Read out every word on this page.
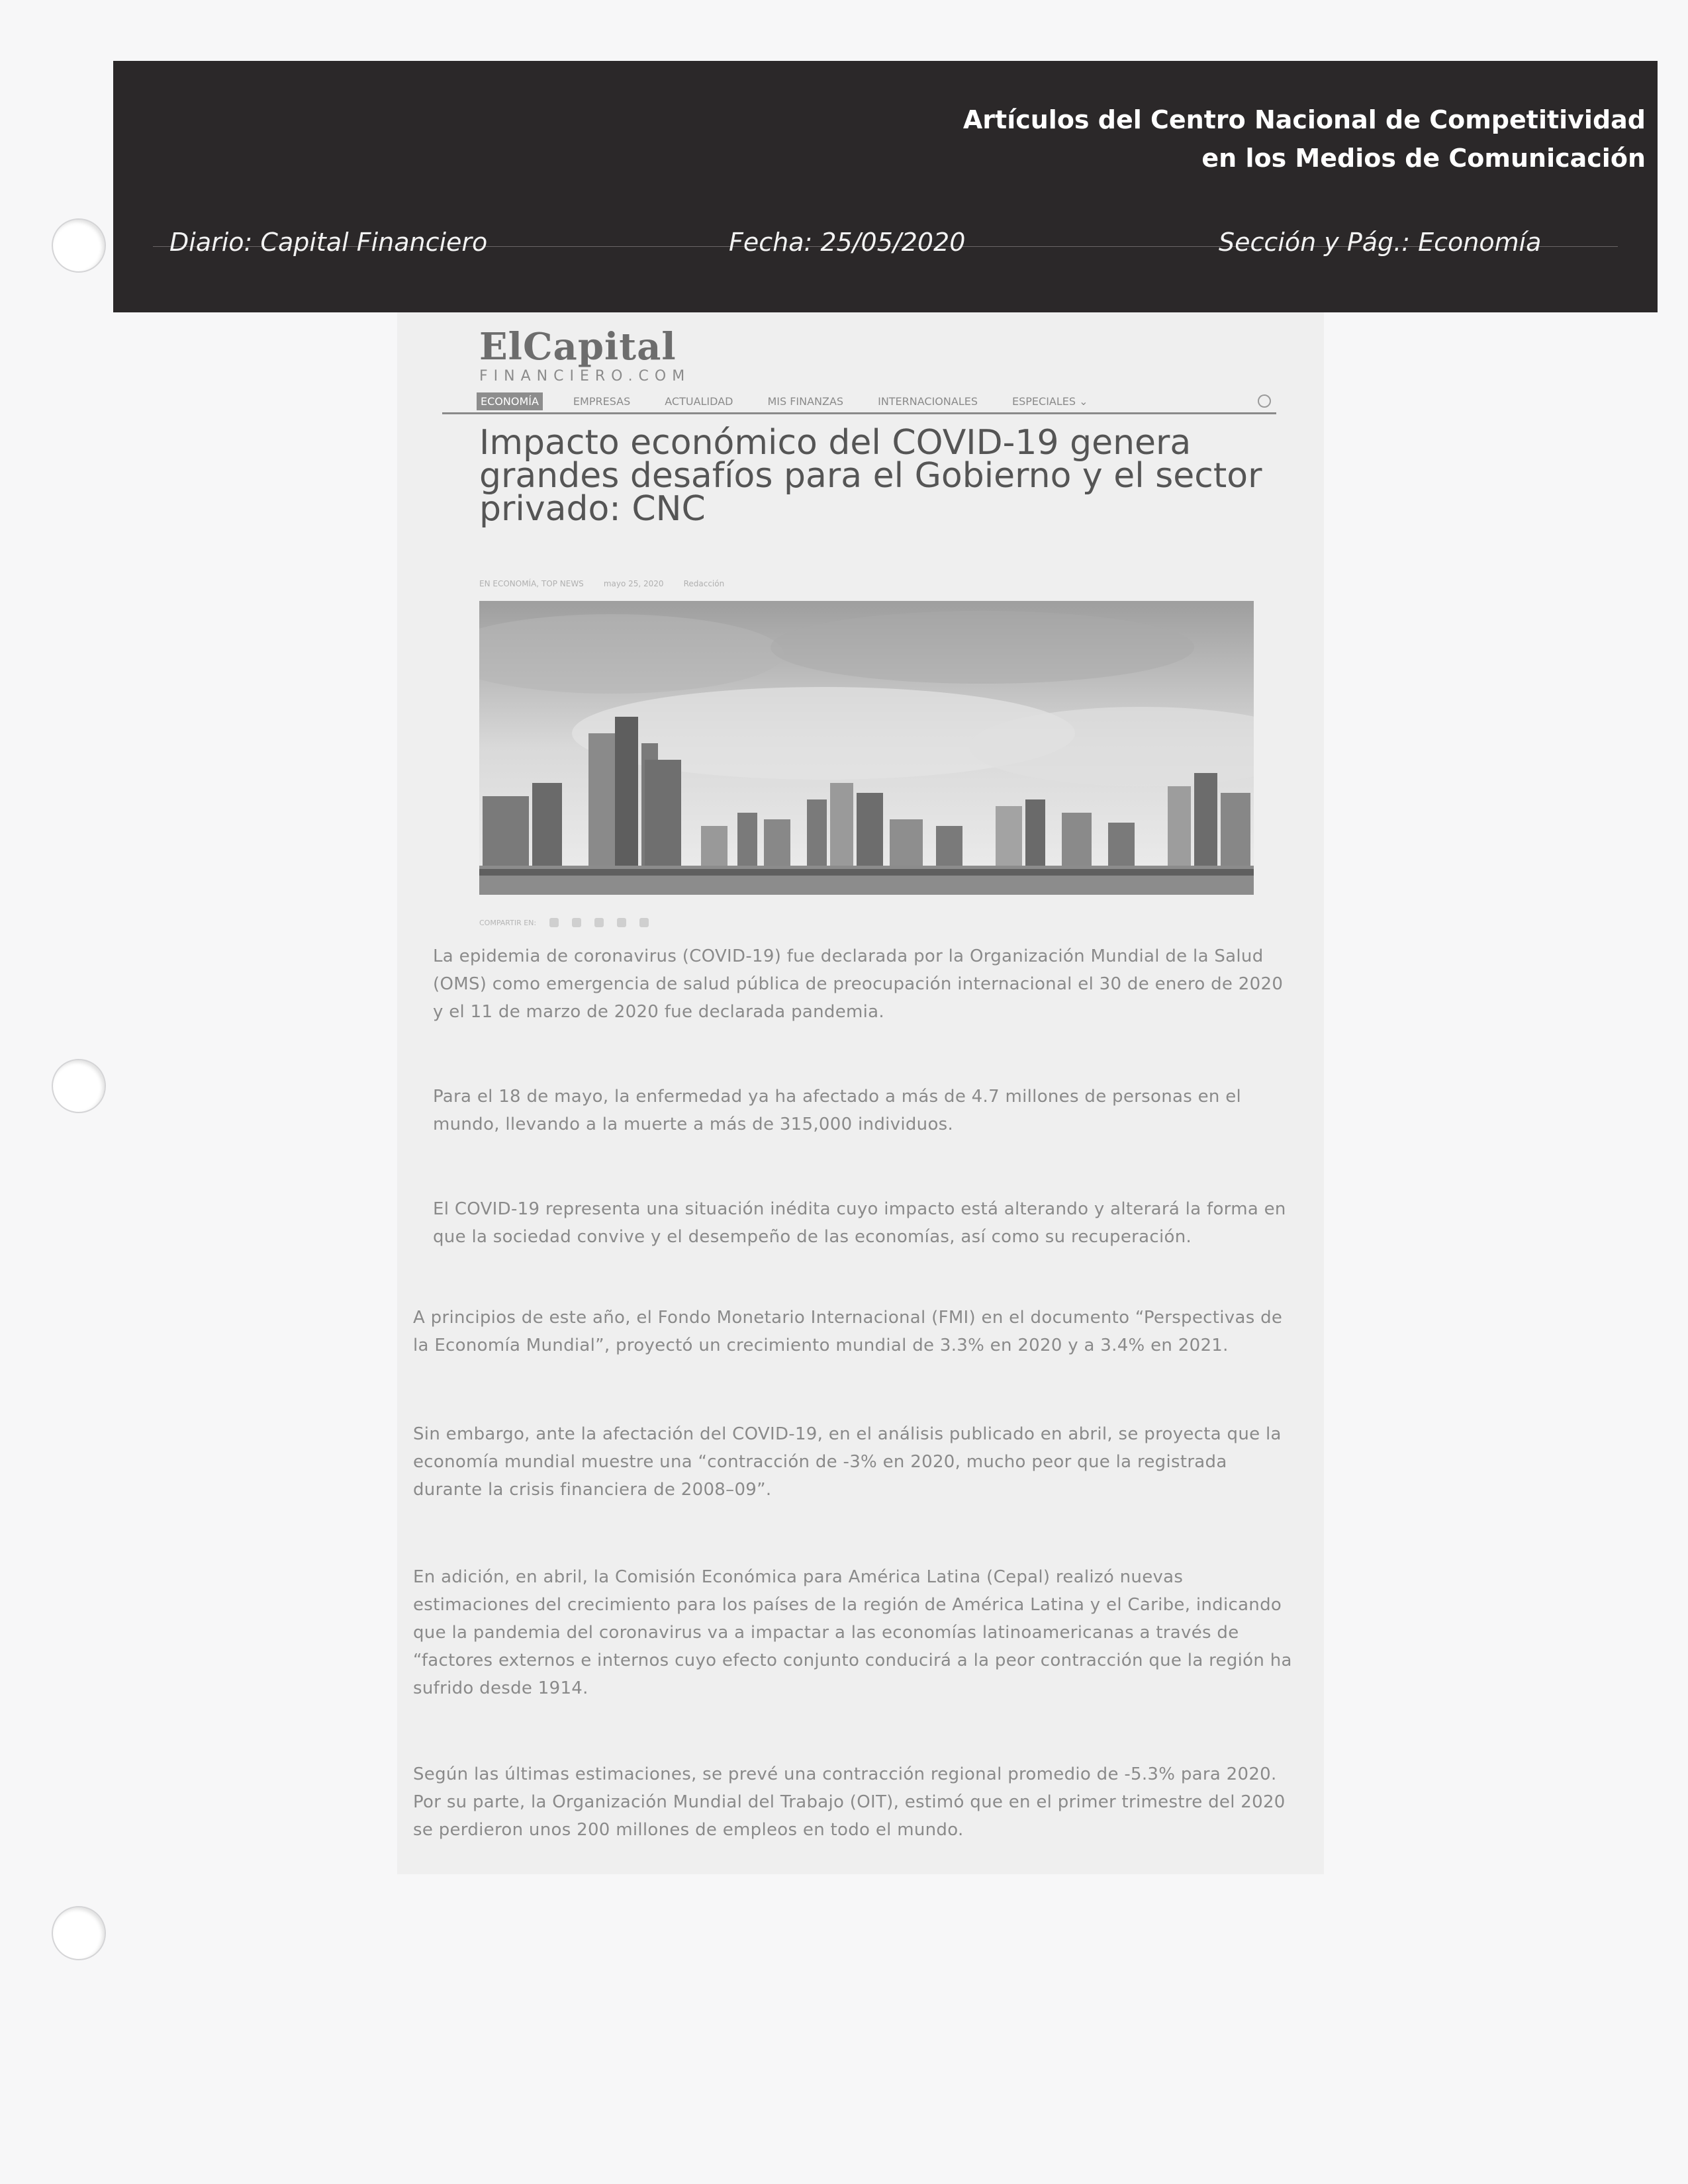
Artículos del Centro Nacional de Competitividad
en los Medios de Comunicación
Diario: Capital Financiero	Fecha: 25/05/2020	Sección y Pág.: Economía
ElCapital
FINANCIERO.COM
ECONOMÍA	EMPRESAS	ACTUALIDAD	MIS FINANZAS	INTERNACIONALES	ESPECIALES ⌄
Impacto económico del COVID-19 genera grandes desafíos para el Gobierno y el sector privado: CNC
EN ECONOMÍA, TOP NEWS	mayo 25, 2020	Redacción
COMPARTIR EN:

La epidemia de coronavirus (COVID-19) fue declarada por la Organización Mundial de la Salud (OMS) como emergencia de salud pública de preocupación internacional el 30 de enero de 2020 y el 11 de marzo de 2020 fue declarada pandemia.

Para el 18 de mayo, la enfermedad ya ha afectado a más de 4.7 millones de personas en el mundo, llevando a la muerte a más de 315,000 individuos.

El COVID-19 representa una situación inédita cuyo impacto está alterando y alterará la forma en que la sociedad convive y el desempeño de las economías, así como su recuperación.

A principios de este año, el Fondo Monetario Internacional (FMI) en el documento “Perspectivas de la Economía Mundial”, proyectó un crecimiento mundial de 3.3% en 2020 y a 3.4% en 2021.

Sin embargo, ante la afectación del COVID-19, en el análisis publicado en abril, se proyecta que la economía mundial muestre una “contracción de -3% en 2020, mucho peor que la registrada durante la crisis financiera de 2008–09”.

En adición, en abril, la Comisión Económica para América Latina (Cepal) realizó nuevas estimaciones del crecimiento para los países de la región de América Latina y el Caribe, indicando que la pandemia del coronavirus va a impactar a las economías latinoamericanas a través de “factores externos e internos cuyo efecto conjunto conducirá a la peor contracción que la región ha sufrido desde 1914.

Según las últimas estimaciones, se prevé una contracción regional promedio de -5.3% para 2020. Por su parte, la Organización Mundial del Trabajo (OIT), estimó que en el primer trimestre del 2020 se perdieron unos 200 millones de empleos en todo el mundo.
